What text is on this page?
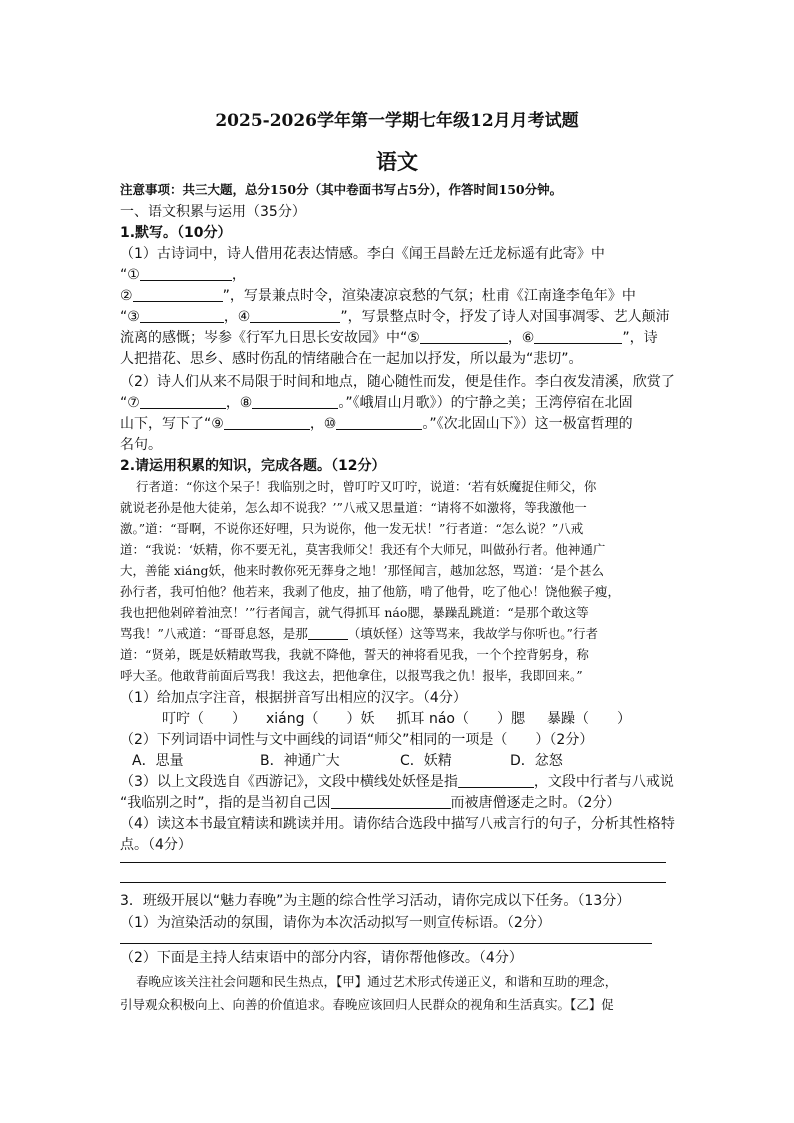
2025-2026学年第一学期七年级12月月考试题
语文
注意事项：共三大题，总分150分（其中卷面书写占5分），作答时间150分钟。
一、语文积累与运用（35分）
1.默写。（10分）
（1）古诗词中，诗人借用花表达情感。李白《闻王昌龄左迁龙标遥有此寄》中
“①	，
②	”，写景兼点时令，渲染凄凉哀愁的气氛；杜甫《江南逢李龟年》中
“③	，④	”，写景整点时令，抒发了诗人对国事凋零、艺人颠沛
流离的感慨；岑参《行军九日思长安故园》中“⑤	，⑥	”，诗
人把措花、思乡、感时伤乱的情绪融合在一起加以抒发，所以最为“悲切”。
（2）诗人们从来不局限于时间和地点，随心随性而发，便是佳作。李白夜发清溪，欣赏了
“⑦	，⑧	。”《峨眉山月歌》）的宁静之美；王湾停宿在北固
山下，写下了“⑨	，⑩	。”《次北固山下》）这一极富哲理的
名句。
2.请运用积累的知识，完成各题。（12分）
行者道：“你这个呆子！我临别之时，曾叮咛又叮咛，说道：‘若有妖魔捉住师父，你
就说老孙是他大徒弟，怎么却不说我？’”八戒又思量道：“请将不如激将，等我激他一
激。”道：“哥啊，不说你还好哩，只为说你，他一发无状！”行者道：“怎么说？”八戒
道：“我说：‘妖精，你不要无礼，莫害我师父！我还有个大师兄，叫做孙行者。他神通广
大，善能 xiáng妖，他来时教你死无葬身之地！’那怪闻言，越加忿怒，骂道：‘是个甚么
孙行者，我可怕他？他若来，我剥了他皮，抽了他筋，啃了他骨，吃了他心！饶他猴子瘦，
我也把他剁碎着油烹！’”行者闻言，就气得抓耳 náo腮，暴躁乱跳道：“是那个敢这等
骂我！”八戒道：“哥哥息怒，是那	（填妖怪）这等骂来，我故学与你听也。”行者
道：“贤弟，既是妖精敢骂我，我就不降他，誓天的神将看见我，一个个控背躬身，称
呼大圣。他敢背前面后骂我！我这去，把他拿住，以报骂我之仇！报毕，我即回来。”
（1）给加点字注音，根据拼音写出相应的汉字。（4分）
叮咛（　　） xiáng（　　）妖 抓耳 náo（　　）腮 暴躁（　　）
（2）下列词语中词性与文中画线的词语“师父”相同的一项是（　　）（2分）
A．思量	B．神通广大	C．妖精	D．忿怒
（3）以上文段选自《西游记》，文段中横线处妖怪是指	，文段中行者与八戒说
“我临别之时”，指的是当初自己因	而被唐僧逐走之时。（2分）
（4）读这本书最宜精读和跳读并用。请你结合选段中描写八戒言行的句子，分析其性格特
点。（4分）
3．班级开展以“魅力春晚”为主题的综合性学习活动，请你完成以下任务。（13分）
（1）为渲染活动的氛围，请你为本次活动拟写一则宣传标语。（2分）
（2）下面是主持人结束语中的部分内容，请你帮他修改。（4分）
春晚应该关注社会问题和民生热点，【甲】通过艺术形式传递正义，和谐和互助的理念，
引导观众积极向上、向善的价值追求。春晚应该回归人民群众的视角和生活真实。【乙】促
